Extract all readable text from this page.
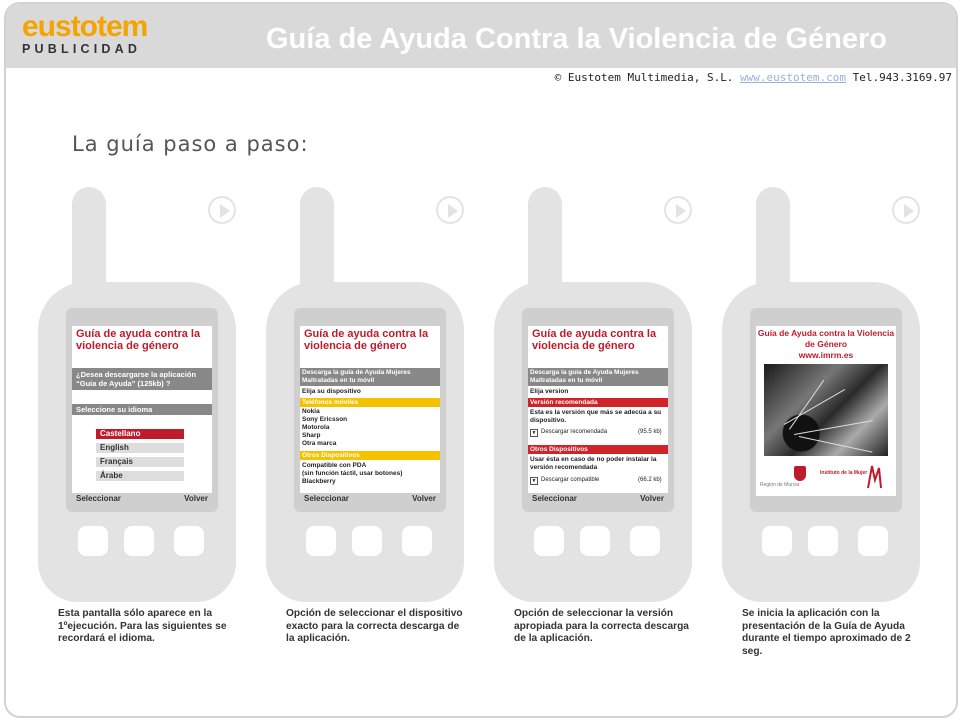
eustotem
PUBLICIDAD	Guía de Ayuda Contra la Violencia de Género
© Eustotem Multimedia, S.L. www.eustotem.com Tel.943.3169.97
La guía paso a paso:
1 sms / wap
Guía de ayuda contra la violencia de género
¿Desea descargarse la aplicación “Guia de Ayuda” (125kb) ?
Seleccione su idioma
Castellano
English
Français
Árabe
Seleccionar	Volver
Esta pantalla sólo aparece en la 1ºejecución. Para las siguientes se recordará el idioma.
2 sms / wap
Guía de ayuda contra la violencia de género
Descarga la guía de Ayuda Mujeres Maltratadas en tu móvil
Elija su dispositivo
Teléfonos móviles
Nokia
Sony Ericsson
Motorola
Sharp
Otra marca
Otros Dispositivos
Compatible con PDA
(sin función táctil, usar botones)
Blackberry
Seleccionar	Volver
Opción de seleccionar el dispositivo exacto para la correcta descarga de la aplicación.
3 sms / wap
Guía de ayuda contra la violencia de género
Descarga la guía de Ayuda Mujeres Maltratadas en tu móvil
Elija version
Versión recomendada
Esta es la versión que más se adecúa a su dispositivo.
▼ Descargar recomendada	(95.5 kb)
Otros Dispositivos
Usar ésta en caso de no poder instalar la versión recomendada
▼ Descargar compatible	(66.2 kb)
Seleccionar	Volver
Opción de seleccionar la versión apropiada para la correcta descarga de la aplicación.
4 sms / wap
1 bluetooth
Guía de Ayuda contra la Violencia de Género
www.imrm.es
Región de Murcia
Instituto de la Mujer
Se inicia la aplicación con la presentación de la Guía de Ayuda durante el tiempo aproximado de 2 seg.
